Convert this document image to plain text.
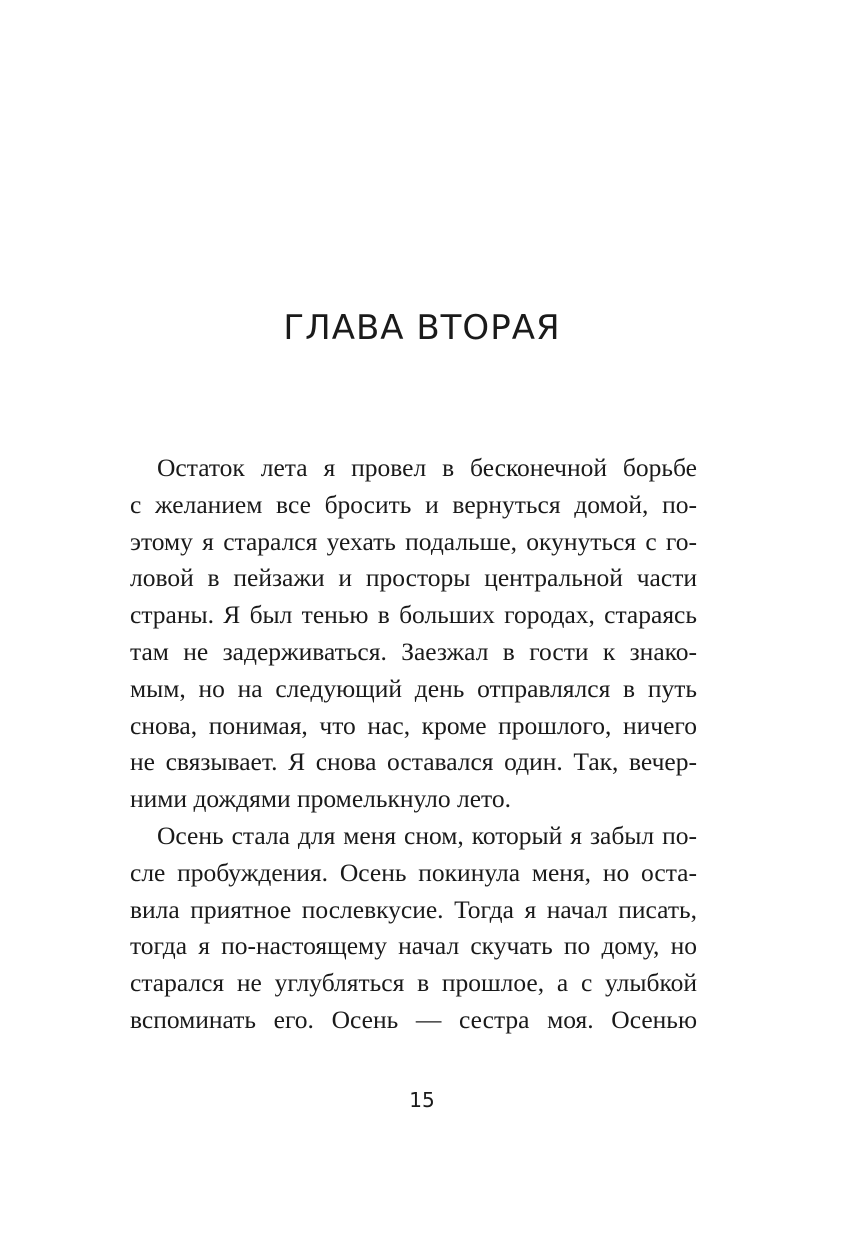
ГЛАВА ВТОРАЯ
Остаток лета я провел в бесконечной борьбе
с желанием все бросить и вернуться домой, по-
этому я старался уехать подальше, окунуться с го-
ловой в пейзажи и просторы центральной части
страны. Я был тенью в больших городах, стараясь
там не задерживаться. Заезжал в гости к знако-
мым, но на следующий день отправлялся в путь
снова, понимая, что нас, кроме прошлого, ничего
не связывает. Я снова оставался один. Так, вечер-
ними дождями промелькнуло лето.
Осень стала для меня сном, который я забыл по-
сле пробуждения. Осень покинула меня, но оста-
вила приятное послевкусие. Тогда я начал писать,
тогда я по-настоящему начал скучать по дому, но
старался не углубляться в прошлое, а с улыбкой
вспоминать его. Осень — сестра моя. Осенью

15
